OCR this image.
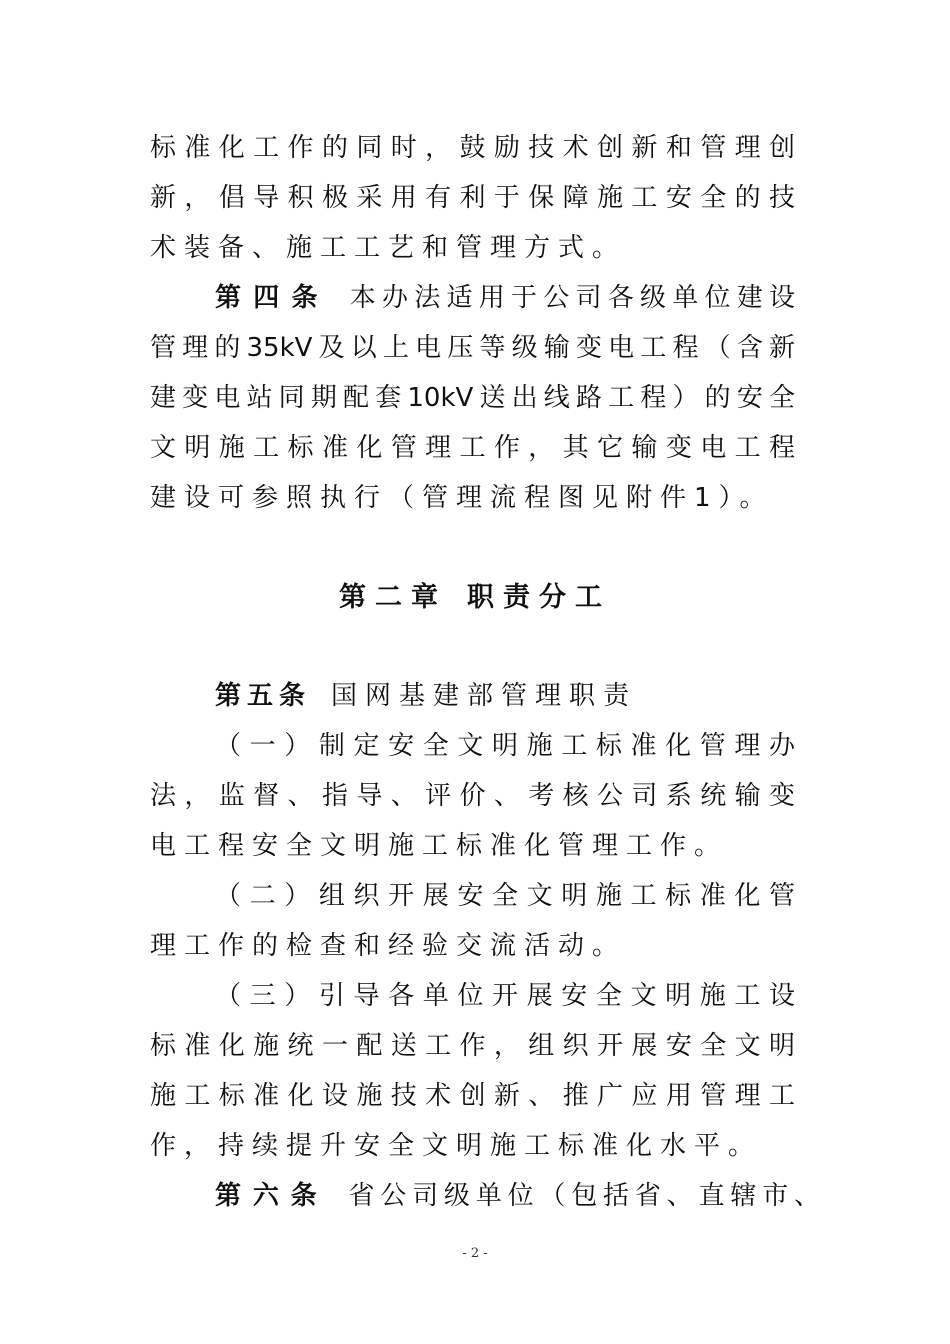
标准化工作的同时，鼓励技术创新和管理创
新，倡导积极采用有利于保障施工安全的技
术装备、施工工艺和管理方式。
第四条 本办法适用于公司各级单位建设
管理的35kV及以上电压等级输变电工程（含新
建变电站同期配套10kV送出线路工程）的安全
文明施工标准化管理工作，其它输变电工程
建设可参照执行（管理流程图见附件1）。
第二章 职责分工
第五条 国网基建部管理职责
（一）制定安全文明施工标准化管理办
法，监督、指导、评价、考核公司系统输变
电工程安全文明施工标准化管理工作。
（二）组织开展安全文明施工标准化管
理工作的检查和经验交流活动。
（三）引导各单位开展安全文明施工设
标准化施统一配送工作，组织开展安全文明
施工标准化设施技术创新、推广应用管理工
作，持续提升安全文明施工标准化水平。
第六条 省公司级单位（包括省、直辖市、
- 2 -
